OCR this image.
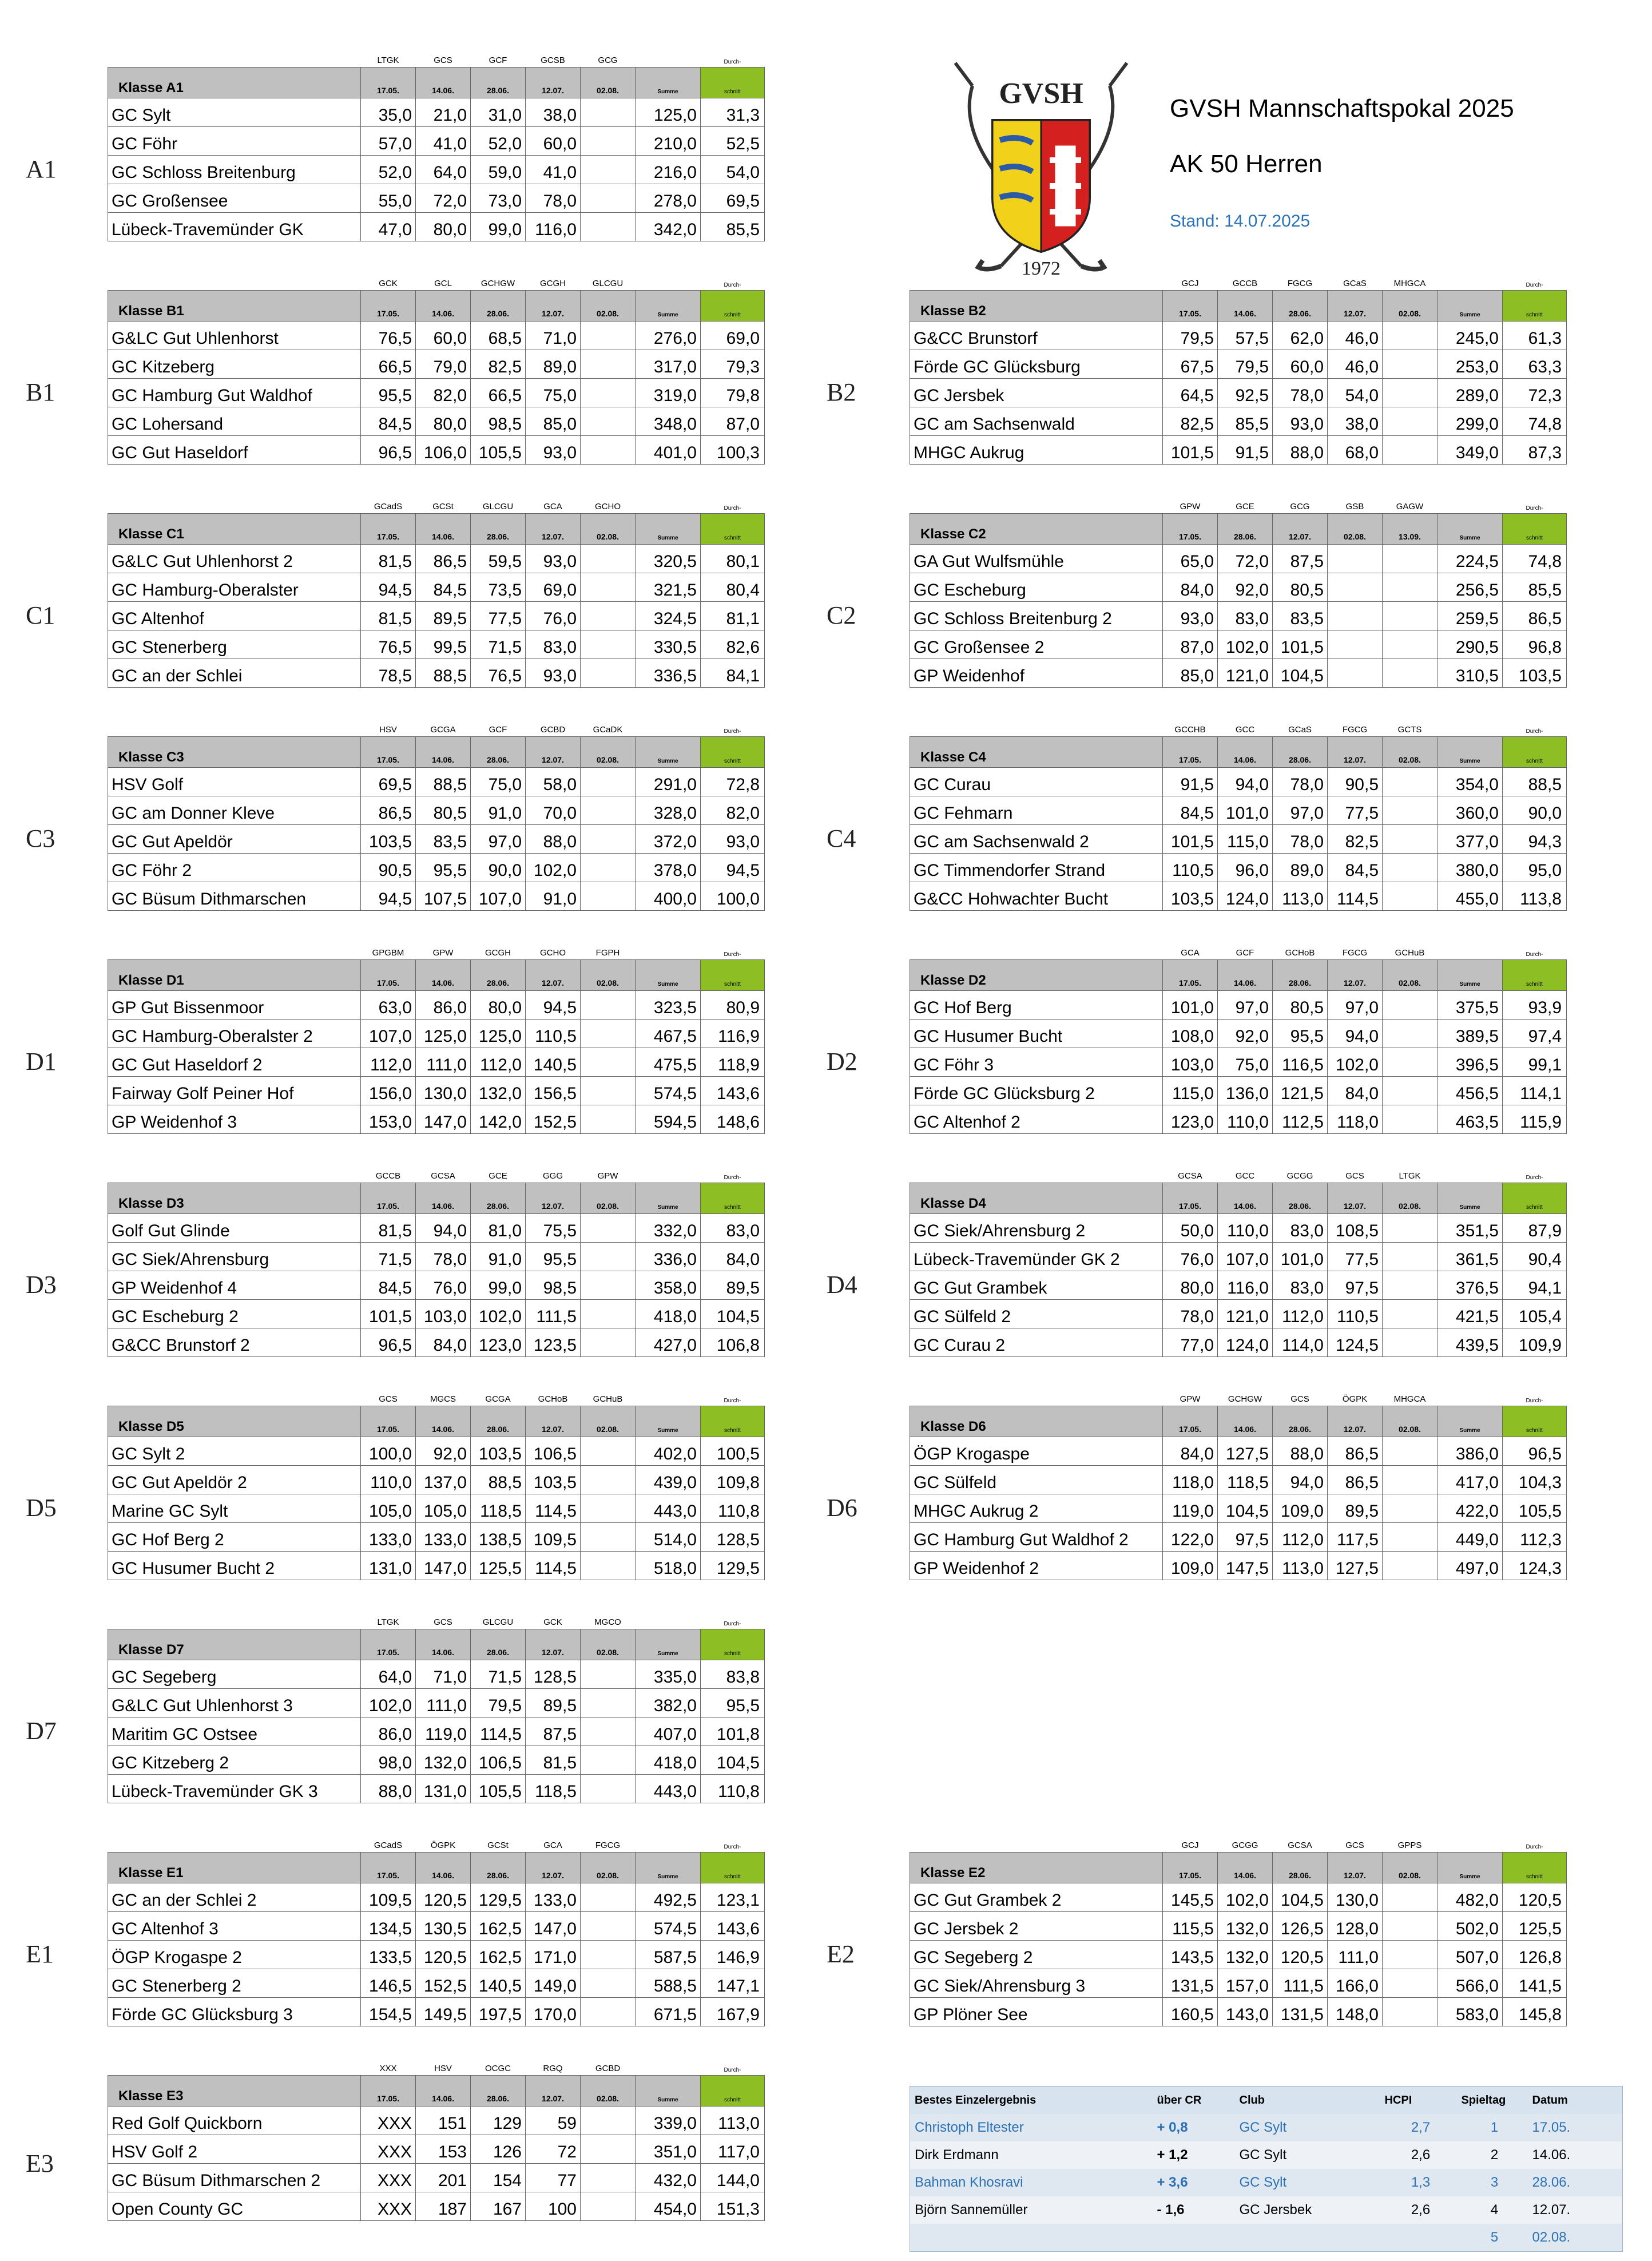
GVSH
1972
GVSH Mannschaftspokal 2025
AK 50 Herren
Stand: 14.07.2025
A1
	LTGK	GCS	GCF	GCSB	GCG		Durch-
Klasse A1	17.05.	14.06.	28.06.	12.07.	02.08.	Summe	schnitt
GC Sylt	35,0	21,0	31,0	38,0		125,0	31,3
GC Föhr	57,0	41,0	52,0	60,0		210,0	52,5
GC Schloss Breitenburg	52,0	64,0	59,0	41,0		216,0	54,0
GC Großensee	55,0	72,0	73,0	78,0		278,0	69,5
Lübeck-Travemünder GK	47,0	80,0	99,0	116,0		342,0	85,5
B1
	GCK	GCL	GCHGW	GCGH	GLCGU		Durch-
Klasse B1	17.05.	14.06.	28.06.	12.07.	02.08.	Summe	schnitt
G&LC Gut Uhlenhorst	76,5	60,0	68,5	71,0		276,0	69,0
GC Kitzeberg	66,5	79,0	82,5	89,0		317,0	79,3
GC Hamburg Gut Waldhof	95,5	82,0	66,5	75,0		319,0	79,8
GC Lohersand	84,5	80,0	98,5	85,0		348,0	87,0
GC Gut Haseldorf	96,5	106,0	105,5	93,0		401,0	100,3
B2
	GCJ	GCCB	FGCG	GCaS	MHGCA		Durch-
Klasse B2	17.05.	14.06.	28.06.	12.07.	02.08.	Summe	schnitt
G&CC Brunstorf	79,5	57,5	62,0	46,0		245,0	61,3
Förde GC Glücksburg	67,5	79,5	60,0	46,0		253,0	63,3
GC Jersbek	64,5	92,5	78,0	54,0		289,0	72,3
GC am Sachsenwald	82,5	85,5	93,0	38,0		299,0	74,8
MHGC Aukrug	101,5	91,5	88,0	68,0		349,0	87,3
C1
	GCadS	GCSt	GLCGU	GCA	GCHO		Durch-
Klasse C1	17.05.	14.06.	28.06.	12.07.	02.08.	Summe	schnitt
G&LC Gut Uhlenhorst 2	81,5	86,5	59,5	93,0		320,5	80,1
GC Hamburg-Oberalster	94,5	84,5	73,5	69,0		321,5	80,4
GC Altenhof	81,5	89,5	77,5	76,0		324,5	81,1
GC Stenerberg	76,5	99,5	71,5	83,0		330,5	82,6
GC an der Schlei	78,5	88,5	76,5	93,0		336,5	84,1
C2
	GPW	GCE	GCG	GSB	GAGW		Durch-
Klasse C2	17.05.	28.06.	12.07.	02.08.	13.09.	Summe	schnitt
GA Gut Wulfsmühle	65,0	72,0	87,5			224,5	74,8
GC Escheburg	84,0	92,0	80,5			256,5	85,5
GC Schloss Breitenburg 2	93,0	83,0	83,5			259,5	86,5
GC Großensee 2	87,0	102,0	101,5			290,5	96,8
GP Weidenhof	85,0	121,0	104,5			310,5	103,5
C3
	HSV	GCGA	GCF	GCBD	GCaDK		Durch-
Klasse C3	17.05.	14.06.	28.06.	12.07.	02.08.	Summe	schnitt
HSV Golf	69,5	88,5	75,0	58,0		291,0	72,8
GC am Donner Kleve	86,5	80,5	91,0	70,0		328,0	82,0
GC Gut Apeldör	103,5	83,5	97,0	88,0		372,0	93,0
GC Föhr 2	90,5	95,5	90,0	102,0		378,0	94,5
GC Büsum Dithmarschen	94,5	107,5	107,0	91,0		400,0	100,0
C4
	GCCHB	GCC	GCaS	FGCG	GCTS		Durch-
Klasse C4	17.05.	14.06.	28.06.	12.07.	02.08.	Summe	schnitt
GC Curau	91,5	94,0	78,0	90,5		354,0	88,5
GC Fehmarn	84,5	101,0	97,0	77,5		360,0	90,0
GC am Sachsenwald 2	101,5	115,0	78,0	82,5		377,0	94,3
GC Timmendorfer Strand	110,5	96,0	89,0	84,5		380,0	95,0
G&CC Hohwachter Bucht	103,5	124,0	113,0	114,5		455,0	113,8
D1
	GPGBM	GPW	GCGH	GCHO	FGPH		Durch-
Klasse D1	17.05.	14.06.	28.06.	12.07.	02.08.	Summe	schnitt
GP Gut Bissenmoor	63,0	86,0	80,0	94,5		323,5	80,9
GC Hamburg-Oberalster 2	107,0	125,0	125,0	110,5		467,5	116,9
GC Gut Haseldorf 2	112,0	111,0	112,0	140,5		475,5	118,9
Fairway Golf Peiner Hof	156,0	130,0	132,0	156,5		574,5	143,6
GP Weidenhof 3	153,0	147,0	142,0	152,5		594,5	148,6
D2
	GCA	GCF	GCHoB	FGCG	GCHuB		Durch-
Klasse D2	17.05.	14.06.	28.06.	12.07.	02.08.	Summe	schnitt
GC Hof Berg	101,0	97,0	80,5	97,0		375,5	93,9
GC Husumer Bucht	108,0	92,0	95,5	94,0		389,5	97,4
GC Föhr 3	103,0	75,0	116,5	102,0		396,5	99,1
Förde GC Glücksburg 2	115,0	136,0	121,5	84,0		456,5	114,1
GC Altenhof 2	123,0	110,0	112,5	118,0		463,5	115,9
D3
	GCCB	GCSA	GCE	GGG	GPW		Durch-
Klasse D3	17.05.	14.06.	28.06.	12.07.	02.08.	Summe	schnitt
Golf Gut Glinde	81,5	94,0	81,0	75,5		332,0	83,0
GC Siek/Ahrensburg	71,5	78,0	91,0	95,5		336,0	84,0
GP Weidenhof 4	84,5	76,0	99,0	98,5		358,0	89,5
GC Escheburg 2	101,5	103,0	102,0	111,5		418,0	104,5
G&CC Brunstorf 2	96,5	84,0	123,0	123,5		427,0	106,8
D4
	GCSA	GCC	GCGG	GCS	LTGK		Durch-
Klasse D4	17.05.	14.06.	28.06.	12.07.	02.08.	Summe	schnitt
GC Siek/Ahrensburg 2	50,0	110,0	83,0	108,5		351,5	87,9
Lübeck-Travemünder GK 2	76,0	107,0	101,0	77,5		361,5	90,4
GC Gut Grambek	80,0	116,0	83,0	97,5		376,5	94,1
GC Sülfeld 2	78,0	121,0	112,0	110,5		421,5	105,4
GC Curau 2	77,0	124,0	114,0	124,5		439,5	109,9
D5
	GCS	MGCS	GCGA	GCHoB	GCHuB		Durch-
Klasse D5	17.05.	14.06.	28.06.	12.07.	02.08.	Summe	schnitt
GC Sylt 2	100,0	92,0	103,5	106,5		402,0	100,5
GC Gut Apeldör 2	110,0	137,0	88,5	103,5		439,0	109,8
Marine GC Sylt	105,0	105,0	118,5	114,5		443,0	110,8
GC Hof Berg 2	133,0	133,0	138,5	109,5		514,0	128,5
GC Husumer Bucht 2	131,0	147,0	125,5	114,5		518,0	129,5
D6
	GPW	GCHGW	GCS	ÖGPK	MHGCA		Durch-
Klasse D6	17.05.	14.06.	28.06.	12.07.	02.08.	Summe	schnitt
ÖGP Krogaspe	84,0	127,5	88,0	86,5		386,0	96,5
GC Sülfeld	118,0	118,5	94,0	86,5		417,0	104,3
MHGC Aukrug 2	119,0	104,5	109,0	89,5		422,0	105,5
GC Hamburg Gut Waldhof 2	122,0	97,5	112,0	117,5		449,0	112,3
GP Weidenhof 2	109,0	147,5	113,0	127,5		497,0	124,3
D7
	LTGK	GCS	GLCGU	GCK	MGCO		Durch-
Klasse D7	17.05.	14.06.	28.06.	12.07.	02.08.	Summe	schnitt
GC Segeberg	64,0	71,0	71,5	128,5		335,0	83,8
G&LC Gut Uhlenhorst 3	102,0	111,0	79,5	89,5		382,0	95,5
Maritim GC Ostsee	86,0	119,0	114,5	87,5		407,0	101,8
GC Kitzeberg 2	98,0	132,0	106,5	81,5		418,0	104,5
Lübeck-Travemünder GK 3	88,0	131,0	105,5	118,5		443,0	110,8
E1
	GCadS	ÖGPK	GCSt	GCA	FGCG		Durch-
Klasse E1	17.05.	14.06.	28.06.	12.07.	02.08.	Summe	schnitt
GC an der Schlei 2	109,5	120,5	129,5	133,0		492,5	123,1
GC Altenhof 3	134,5	130,5	162,5	147,0		574,5	143,6
ÖGP Krogaspe 2	133,5	120,5	162,5	171,0		587,5	146,9
GC Stenerberg 2	146,5	152,5	140,5	149,0		588,5	147,1
Förde GC Glücksburg 3	154,5	149,5	197,5	170,0		671,5	167,9
E2
	GCJ	GCGG	GCSA	GCS	GPPS		Durch-
Klasse E2	17.05.	14.06.	28.06.	12.07.	02.08.	Summe	schnitt
GC Gut Grambek 2	145,5	102,0	104,5	130,0		482,0	120,5
GC Jersbek 2	115,5	132,0	126,5	128,0		502,0	125,5
GC Segeberg 2	143,5	132,0	120,5	111,0		507,0	126,8
GC Siek/Ahrensburg 3	131,5	157,0	111,5	166,0		566,0	141,5
GP Plöner See	160,5	143,0	131,5	148,0		583,0	145,8
E3
	XXX	HSV	OCGC	RGQ	GCBD		Durch-
Klasse E3	17.05.	14.06.	28.06.	12.07.	02.08.	Summe	schnitt
Red Golf Quickborn	XXX	151	129	59		339,0	113,0
HSV Golf 2	XXX	153	126	72		351,0	117,0
GC Büsum Dithmarschen 2	XXX	201	154	77		432,0	144,0
Open County GC	XXX	187	167	100		454,0	151,3
Bestes Einzelergebnis	über CR	Club	HCPI	Spieltag	Datum
Christoph Eltester	+ 0,8	GC Sylt	2,7	1	17.05.
Dirk Erdmann	+ 1,2	GC Sylt	2,6	2	14.06.
Bahman Khosravi	+ 3,6	GC Sylt	1,3	3	28.06.
Björn Sannemüller	- 1,6	GC Jersbek	2,6	4	12.07.
				5	02.08.
